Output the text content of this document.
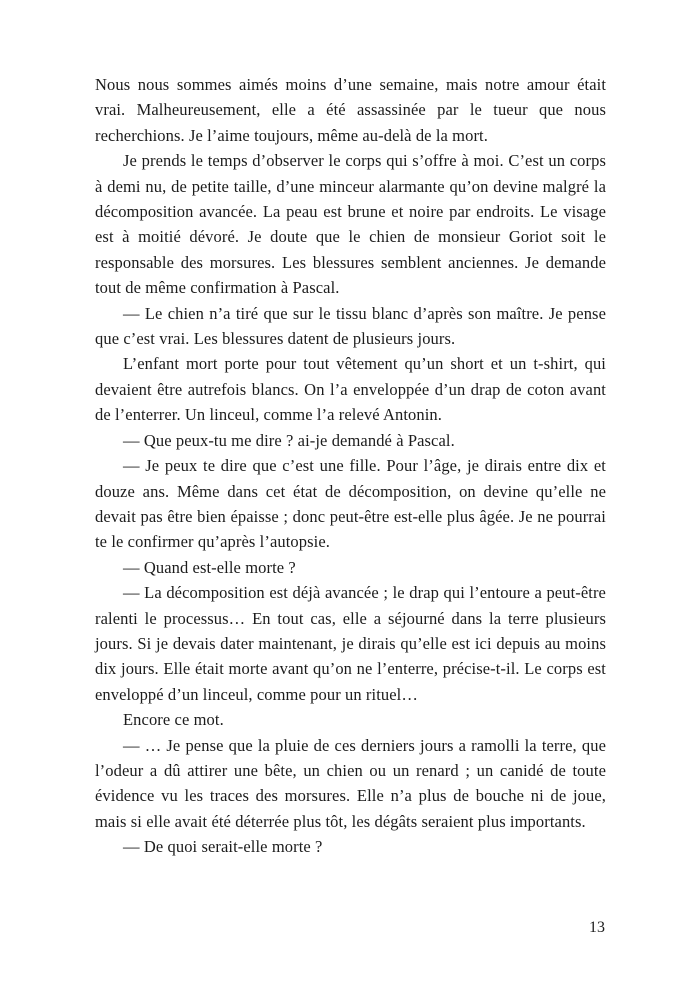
Nous nous sommes aimés moins d’une semaine, mais notre amour était vrai. Malheureusement, elle a été assassinée par le tueur que nous recherchions. Je l’aime toujours, même au-delà de la mort.

Je prends le temps d’observer le corps qui s’offre à moi. C’est un corps à demi nu, de petite taille, d’une minceur alarmante qu’on devine malgré la décomposition avancée. La peau est brune et noire par endroits. Le visage est à moitié dévoré. Je doute que le chien de monsieur Goriot soit le responsable des morsures. Les blessures semblent anciennes. Je demande tout de même confirmation à Pascal.

— Le chien n’a tiré que sur le tissu blanc d’après son maître. Je pense que c’est vrai. Les blessures datent de plusieurs jours.

L’enfant mort porte pour tout vêtement qu’un short et un t-shirt, qui devaient être autrefois blancs. On l’a enveloppée d’un drap de coton avant de l’enterrer. Un linceul, comme l’a relevé Antonin.

— Que peux-tu me dire ? ai-je demandé à Pascal.

— Je peux te dire que c’est une fille. Pour l’âge, je dirais entre dix et douze ans. Même dans cet état de décomposition, on devine qu’elle ne devait pas être bien épaisse ; donc peut-être est-elle plus âgée. Je ne pourrai te le confirmer qu’après l’autopsie.

— Quand est-elle morte ?

— La décomposition est déjà avancée ; le drap qui l’entoure a peut-être ralenti le processus… En tout cas, elle a séjourné dans la terre plusieurs jours. Si je devais dater maintenant, je dirais qu’elle est ici depuis au moins dix jours. Elle était morte avant qu’on ne l’enterre, précise-t-il. Le corps est enveloppé d’un linceul, comme pour un rituel…

Encore ce mot.

— … Je pense que la pluie de ces derniers jours a ramolli la terre, que l’odeur a dû attirer une bête, un chien ou un renard ; un canidé de toute évidence vu les traces des morsures. Elle n’a plus de bouche ni de joue, mais si elle avait été déterrée plus tôt, les dégâts seraient plus importants.

— De quoi serait-elle morte ?

13
